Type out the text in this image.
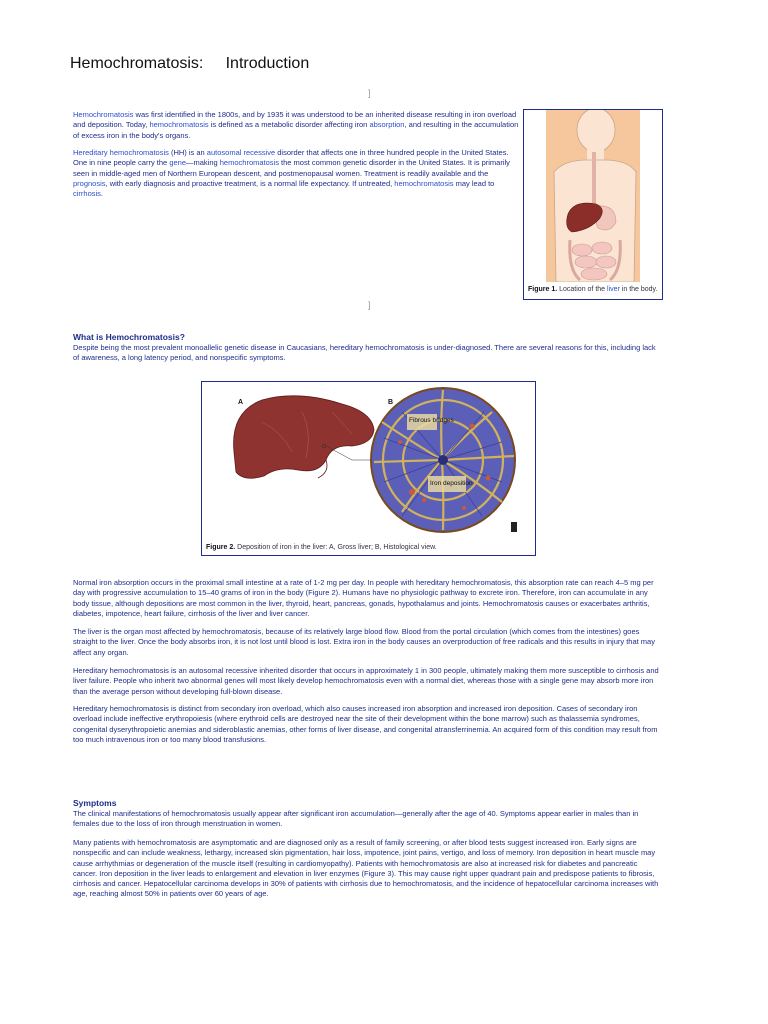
Hemochromatosis:     Introduction
]
Hemochromatosis was first identified in the 1800s, and by 1935 it was understood to be an inherited disease resulting in iron overload and deposition. Today, hemochromatosis is defined as a metabolic disorder affecting iron absorption, and resulting in the accumulation of excess iron in the body's organs.
Hereditary hemochromatosis (HH) is an autosomal recessive disorder that affects one in three hundred people in the United States. One in nine people carry the gene—making hemochromatosis the most common genetic disorder in the United States. It is primarily seen in middle-aged men of Northern European descent, and postmenopausal women. Treatment is readily available and the prognosis, with early diagnosis and proactive treatment, is a normal life expectancy. If untreated, hemochromatosis may lead to cirrhosis.
Figure 1. Location of the liver in the body.
]
What is Hemochromatosis?
Despite being the most prevalent monoallelic genetic disease in Caucasians, hereditary hemochromatosis is under-diagnosed. There are several reasons for this, including lack of awareness, a long latency period, and nonspecific symptoms.
A	B
Fibrous bridges
Iron deposition
Figure 2. Deposition of iron in the liver: A, Gross liver; B, Histological view.
Normal iron absorption occurs in the proximal small intestine at a rate of 1-2 mg per day. In people with hereditary hemochromatosis, this absorption rate can reach 4–5 mg per day with progressive accumulation to 15–40 grams of iron in the body (Figure 2). Humans have no physiologic pathway to excrete iron. Therefore, iron can accumulate in any body tissue, although depositions are most common in the liver, thyroid, heart, pancreas, gonads, hypothalamus and joints. Hemochromatosis causes or exacerbates arthritis, diabetes, impotence, heart failure, cirrhosis of the liver and liver cancer.
The liver is the organ most affected by hemochromatosis, because of its relatively large blood flow. Blood from the portal circulation (which comes from the intestines) goes straight to the liver. Once the body absorbs iron, it is not lost until blood is lost. Extra iron in the body causes an overproduction of free radicals and this results in injury that may affect any organ.
Hereditary hemochromatosis is an autosomal recessive inherited disorder that occurs in approximately 1 in 300 people, ultimately making them more susceptible to cirrhosis and liver failure. People who inherit two abnormal genes will most likely develop hemochromatosis even with a normal diet, whereas those with a single gene may absorb more iron than the average person without developing full-blown disease.
Hereditary hemochromatosis is distinct from secondary iron overload, which also causes increased iron absorption and increased iron deposition. Cases of secondary iron overload include ineffective erythropoiesis (where erythroid cells are destroyed near the site of their development within the bone marrow) such as thalassemia syndromes, congenital dyserythropoietic anemias and sideroblastic anemias, other forms of liver disease, and congenital atransferrinemia. An acquired form of this condition may result from too much intravenous iron or too many blood transfusions.
Symptoms
The clinical manifestations of hemochromatosis usually appear after significant iron accumulation—generally after the age of 40. Symptoms appear earlier in males than in females due to the loss of iron through menstruation in women.
Many patients with hemochromatosis are asymptomatic and are diagnosed only as a result of family screening, or after blood tests suggest increased iron. Early signs are nonspecific and can include weakness, lethargy, increased skin pigmentation, hair loss, impotence, joint pains, vertigo, and loss of memory. Iron deposition in heart muscle may cause arrhythmias or degeneration of the muscle itself (resulting in cardiomyopathy). Patients with hemochromatosis are also at increased risk for diabetes and pancreatic cancer. Iron deposition in the liver leads to enlargement and elevation in liver enzymes (Figure 3). This may cause right upper quadrant pain and predispose patients to fibrosis, cirrhosis and cancer. Hepatocellular carcinoma develops in 30% of patients with cirrhosis due to hemochromatosis, and the incidence of hepatocellular carcinoma increases with age, reaching almost 50% in patients over 60 years of age.
